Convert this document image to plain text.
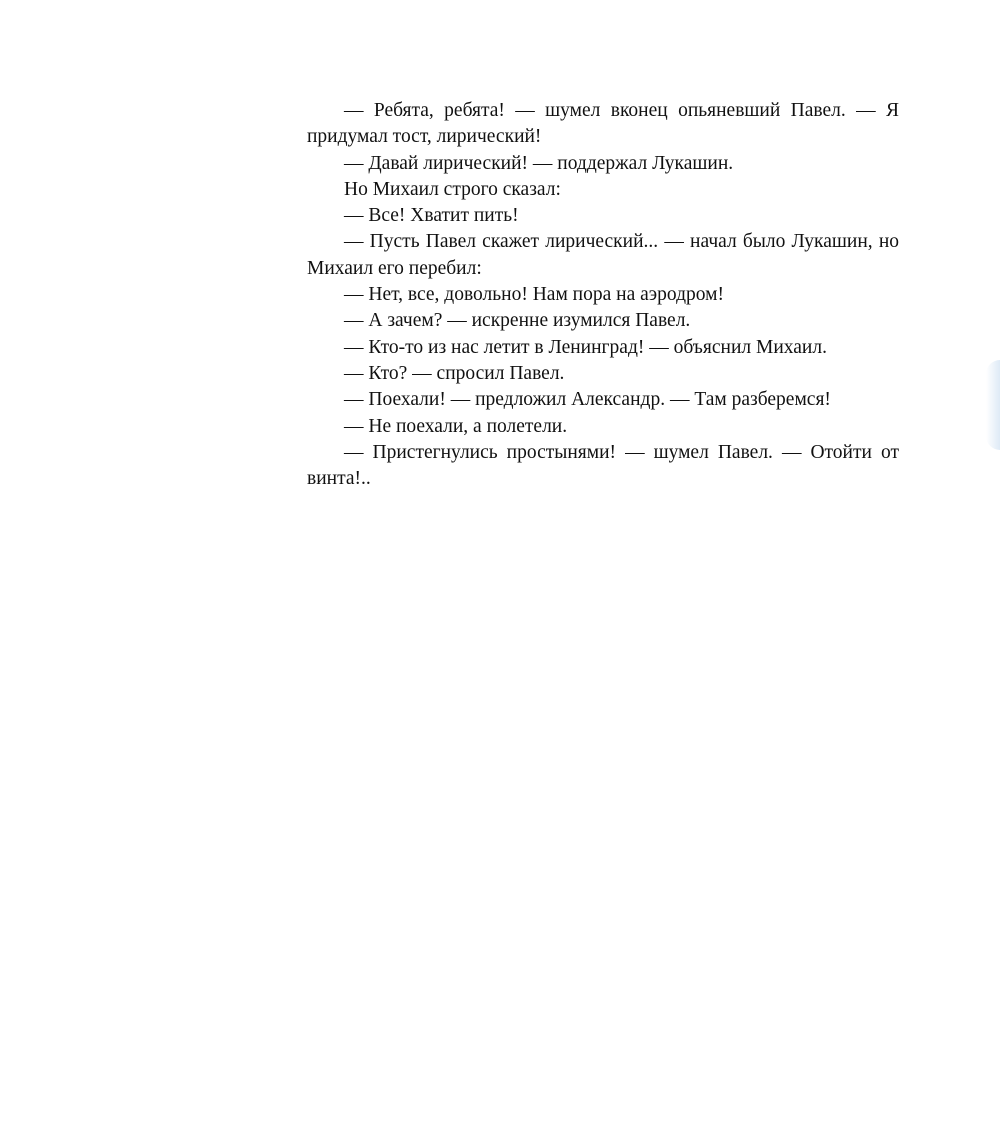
— Ребята, ребята! — шумел вконец опьяневший Павел. — Я придумал тост, лирический!

— Давай лирический! — поддержал Лукашин.

Но Михаил строго сказал:

— Все! Хватит пить!

— Пусть Павел скажет лирический... — начал было Лукашин, но Михаил его перебил:

— Нет, все, довольно! Нам пора на аэродром!

— А зачем? — искренне изумился Павел.

— Кто-то из нас летит в Ленинград! — объяснил Михаил.

— Кто? — спросил Павел.

— Поехали! — предложил Александр. — Там разберемся!

— Не поехали, а полетели.

— Пристегнулись простынями! — шумел Павел. — Отойти от винта!..
